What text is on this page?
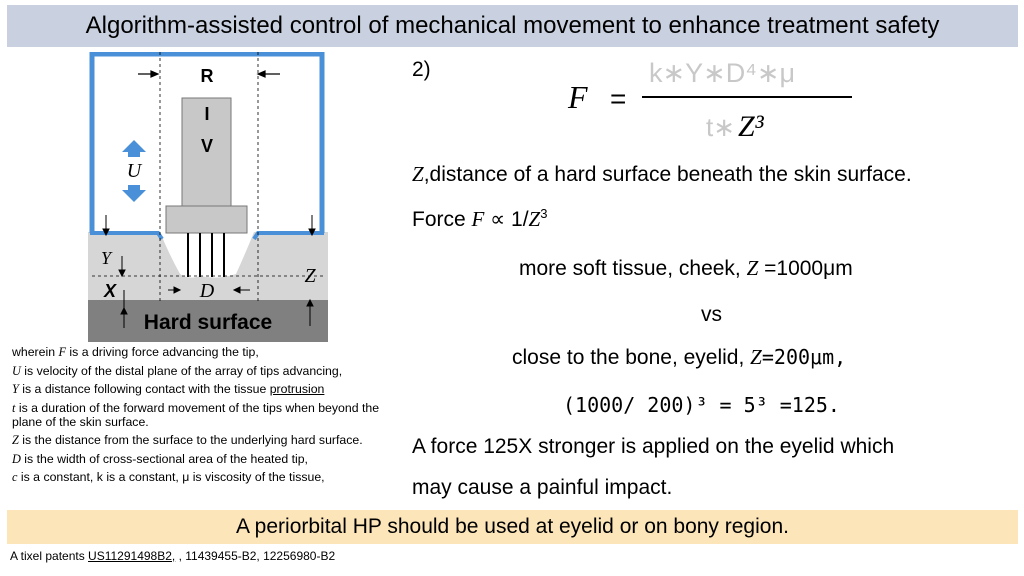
Algorithm-assisted control of mechanical movement to enhance treatment safety
R
I
V
U
Y
X	D
Z
Hard surface
wherein F is a driving force advancing the tip,
U is velocity of the distal plane of the array of tips advancing,
Y is a distance following contact with the tissue protrusion
t is a duration of the forward movement of the tips when beyond the plane of the skin surface.
Z is the distance from the surface to the underlying hard surface.
D is the width of cross-sectional area of the heated tip,
c is a constant, k is a constant, μ is viscosity of the tissue,
2)
F =
k∗Y∗D⁴∗μ
t∗ Z³
Z,distance of a hard surface beneath the skin surface.
Force $F \propto 1/Z^3$
more soft tissue, cheek, Z =1000μm
vs
close to the bone, eyelid, Z=200μm,
(1000/ 200)³ = 5³ =125.
A force 125X stronger is applied on the eyelid which
may cause a painful impact.
A periorbital HP should be used at eyelid or on bony region.
A tixel patents US11291498B2, , 11439455-B2, 12256980-B2
